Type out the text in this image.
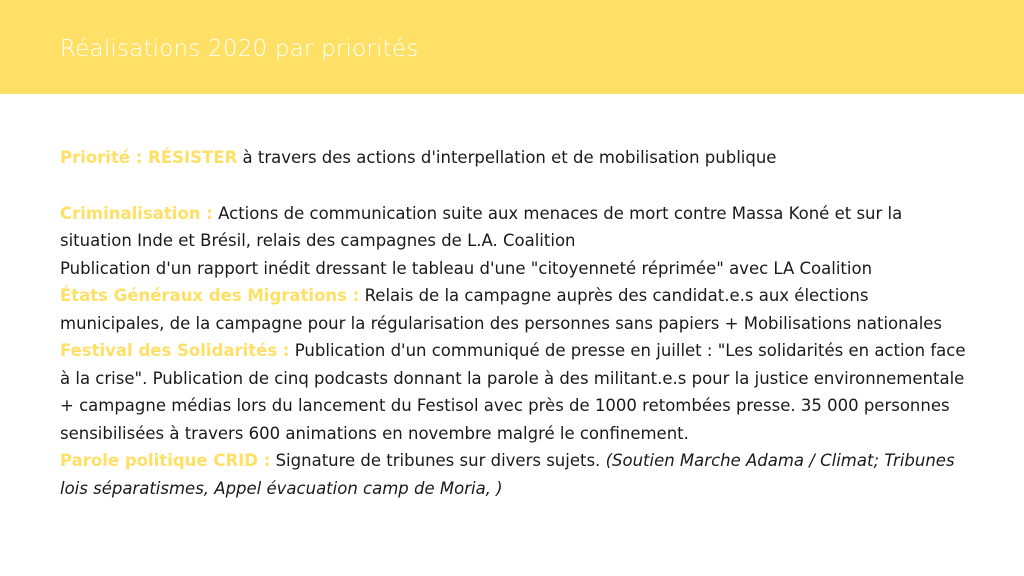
Réalisations 2020 par priorités

Priorité : RÉSISTER à travers des actions d'interpellation et de mobilisation publique

Criminalisation : Actions de communication suite aux menaces de mort contre Massa Koné et sur la situation Inde et Brésil, relais des campagnes de L.A. Coalition

Publication d'un rapport inédit dressant le tableau d'une "citoyenneté réprimée" avec LA Coalition

États Généraux des Migrations : Relais de la campagne auprès des candidat.e.s aux élections municipales, de la campagne pour la régularisation des personnes sans papiers + Mobilisations nationales

Festival des Solidarités : Publication d'un communiqué de presse en juillet : "Les solidarités en action face à la crise". Publication de cinq podcasts donnant la parole à des militant.e.s pour la justice environnementale + campagne médias lors du lancement du Festisol avec près de 1000 retombées presse. 35 000 personnes sensibilisées à travers 600 animations en novembre malgré le confinement.

Parole politique CRID : Signature de tribunes sur divers sujets. (Soutien Marche Adama / Climat; Tribunes lois séparatismes, Appel évacuation camp de Moria, )
